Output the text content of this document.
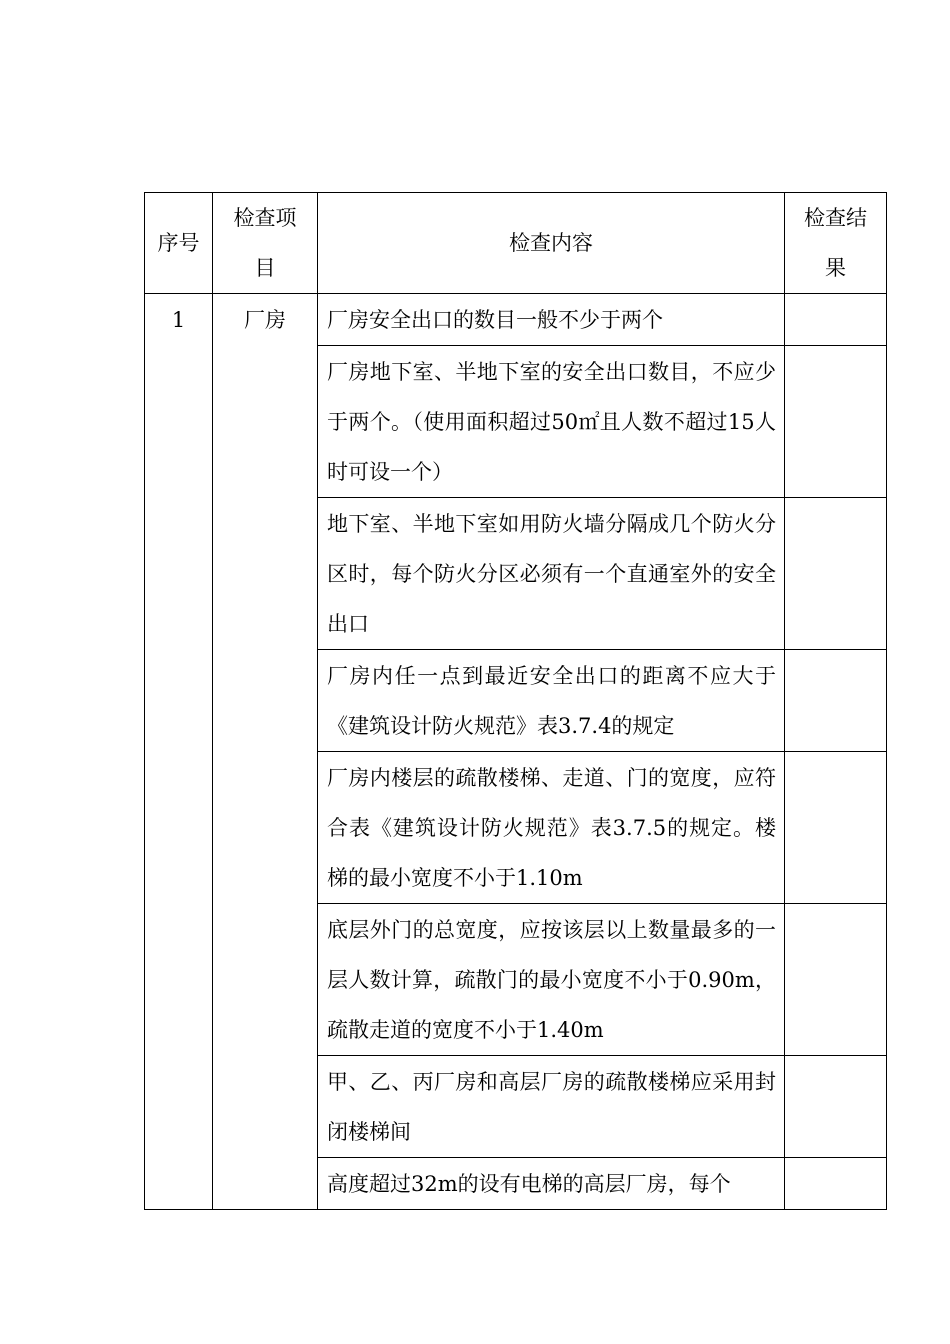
序号	检查项目	检查内容	检查结果
1	厂房	厂房安全出口的数目一般不少于两个	
		厂房地下室、半地下室的安全出口数目，不应少于两个。（使用面积超过50㎡且人数不超过15人时可设一个）	
		地下室、半地下室如用防火墙分隔成几个防火分区时，每个防火分区必须有一个直通室外的安全出口	
		厂房内任一点到最近安全出口的距离不应大于《建筑设计防火规范》表3.7.4的规定	
		厂房内楼层的疏散楼梯、走道、门的宽度，应符合表《建筑设计防火规范》表3.7.5的规定。楼梯的最小宽度不小于1.10m	
		底层外门的总宽度，应按该层以上数量最多的一层人数计算，疏散门的最小宽度不小于0.90m，疏散走道的宽度不小于1.40m	
		甲、乙、丙厂房和高层厂房的疏散楼梯应采用封闭楼梯间	
		高度超过32m的设有电梯的高层厂房，每个	
